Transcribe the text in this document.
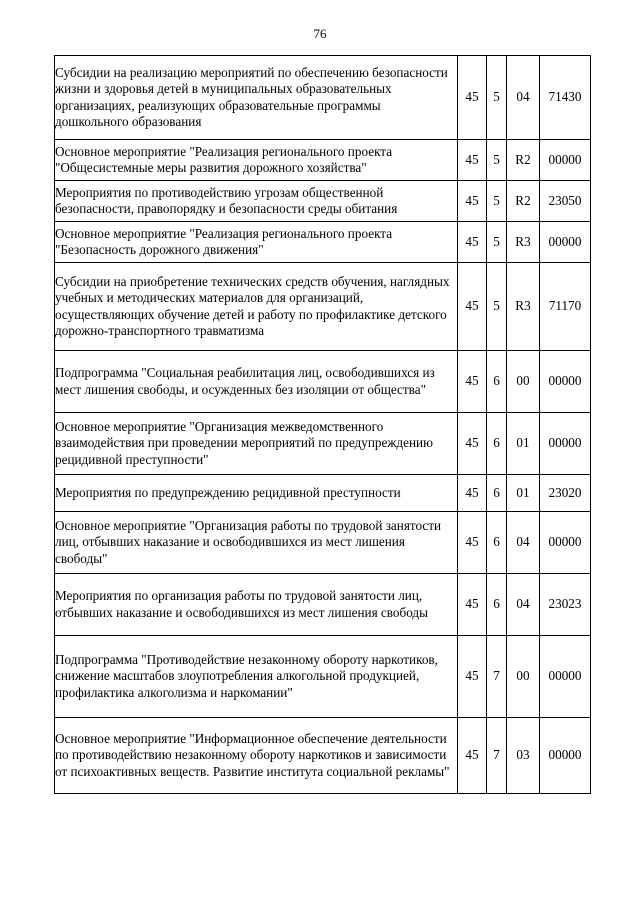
76
Субсидии на реализацию мероприятий по обеспечению безопасности жизни и здоровья детей в муниципальных образовательных организациях, реализующих образовательные программы дошкольного образования	45	5	04	71430
Основное мероприятие "Реализация регионального проекта "Общесистемные меры развития дорожного хозяйства"	45	5	R2	00000
Мероприятия по противодействию угрозам общественной безопасности, правопорядку и безопасности среды обитания	45	5	R2	23050
Основное мероприятие "Реализация регионального проекта "Безопасность дорожного движения"	45	5	R3	00000
Субсидии на приобретение технических средств обучения, наглядных учебных и методических материалов для организаций, осуществляющих обучение детей и работу по профилактике детского дорожно-транспортного травматизма	45	5	R3	71170
Подпрограмма "Социальная реабилитация лиц, освободившихся из мест лишения свободы, и осужденных без изоляции от общества"	45	6	00	00000
Основное мероприятие "Организация межведомственного взаимодействия при проведении мероприятий по предупреждению рецидивной преступности"	45	6	01	00000
Мероприятия по предупреждению рецидивной преступности	45	6	01	23020
Основное мероприятие "Организация работы по трудовой занятости лиц, отбывших наказание и освободившихся из мест лишения свободы"	45	6	04	00000
Мероприятия по организация работы по трудовой занятости лиц, отбывших наказание и освободившихся из мест лишения свободы	45	6	04	23023
Подпрограмма "Противодействие незаконному обороту наркотиков, снижение масштабов злоупотребления алкогольной продукцией, профилактика алкоголизма и наркомании"	45	7	00	00000
Основное мероприятие "Информационное обеспечение деятельности по противодействию незаконному обороту наркотиков и зависимости от психоактивных веществ. Развитие института социальной рекламы"	45	7	03	00000
